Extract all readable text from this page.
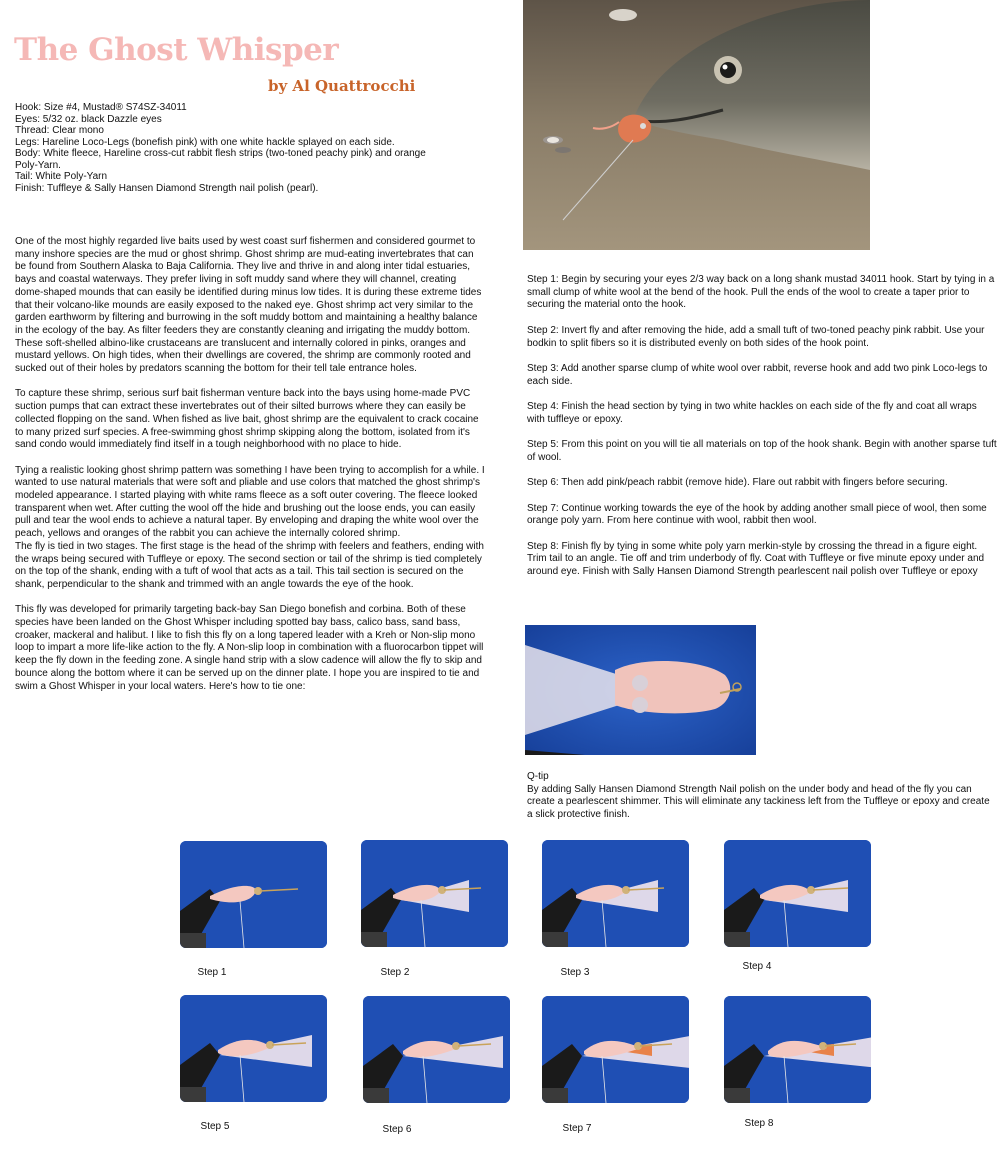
The Ghost Whisper
by Al Quattrocchi
Hook: Size #4, Mustad® S74SZ-34011
Eyes: 5/32 oz. black Dazzle eyes
Thread: Clear mono
Legs: Hareline Loco-Legs (bonefish pink) with one white hackle splayed on each side.
Body: White fleece, Hareline cross-cut rabbit flesh strips (two-toned peachy pink) and orange
Poly-Yarn.
Tail: White Poly-Yarn
Finish: Tuffleye & Sally Hansen Diamond Strength nail polish (pearl).

One of the most highly regarded live baits used by west coast surf fishermen and considered gourmet to many inshore species are the mud or ghost shrimp. Ghost shrimp are mud-eating invertebrates that can be found from Southern Alaska to Baja California. They live and thrive in and along inter tidal estuaries, bays and coastal waterways. They prefer living in soft muddy sand where they will channel, creating dome-shaped mounds that can easily be identified during minus low tides. It is during these extreme tides that their volcano-like mounds are easily exposed to the naked eye. Ghost shrimp act very similar to the garden earthworm by filtering and burrowing in the soft muddy bottom and maintaining a healthy balance in the ecology of the bay. As filter feeders they are constantly cleaning and irrigating the muddy bottom. These soft-shelled albino-like crustaceans are translucent and internally colored in pinks, oranges and mustard yellows. On high tides, when their dwellings are covered, the shrimp are commonly rooted and sucked out of their holes by predators scanning the bottom for their tell tale entrance holes.

To capture these shrimp, serious surf bait fisherman venture back into the bays using home-made PVC suction pumps that can extract these invertebrates out of their silted burrows where they can easily be collected flopping on the sand. When fished as live bait, ghost shrimp are the equivalent to crack cocaine to many prized surf species. A free-swimming ghost shrimp skipping along the bottom, isolated from it's sand condo would immediately find itself in a tough neighborhood with no place to hide.

Tying a realistic looking ghost shrimp pattern was something I have been trying to accomplish for a while. I wanted to use natural materials that were soft and pliable and use colors that matched the ghost shrimp's modeled appearance. I started playing with white rams fleece as a soft outer covering. The fleece looked transparent when wet. After cutting the wool off the hide and brushing out the loose ends, you can easily pull and tear the wool ends to achieve a natural taper. By enveloping and draping the white wool over the peach, yellows and oranges of the rabbit you can achieve the internally colored shrimp.
The fly is tied in two stages. The first stage is the head of the shrimp with feelers and feathers, ending with the wraps being secured with Tuffleye or epoxy. The second section or tail of the shrimp is tied completely on the top of the shank, ending with a tuft of wool that acts as a tail. This tail section is secured on the shank, perpendicular to the shank and trimmed with an angle towards the eye of the hook.

This fly was developed for primarily targeting back-bay San Diego bonefish and corbina. Both of these species have been landed on the Ghost Whisper including spotted bay bass, calico bass, sand bass, croaker, mackeral and halibut. I like to fish this fly on a long tapered leader with a Kreh or Non-slip mono loop to impart a more life-like action to the fly. A Non-slip loop in combination with a fluorocarbon tippet will keep the fly down in the feeding zone. A single hand strip with a slow cadence will allow the fly to skip and bounce along the bottom where it can be served up on the dinner plate. I hope you are inspired to tie and swim a Ghost Whisper in your local waters. Here's how to tie one:

Step 1: Begin by securing your eyes 2/3 way back on a long shank mustad 34011 hook. Start by tying in a small clump of white wool at the bend of the hook. Pull the ends of the wool to create a taper prior to securing the material onto the hook.

Step 2: Invert fly and after removing the hide, add a small tuft of two-toned peachy pink rabbit. Use your bodkin to split fibers so it is distributed evenly on both sides of the hook point.

Step 3: Add another sparse clump of white wool over rabbit, reverse hook and add two pink Loco-legs to each side.

Step 4: Finish the head section by tying in two white hackles on each side of the fly and coat all wraps with tuffleye or epoxy.

Step 5: From this point on you will tie all materials on top of the hook shank. Begin with another sparse tuft of wool.

Step 6: Then add pink/peach rabbit (remove hide). Flare out rabbit with fingers before securing.

Step 7: Continue working towards the eye of the hook by adding another small piece of wool, then some orange poly yarn. From here continue with wool, rabbit then wool.

Step 8: Finish fly by tying in some white poly yarn merkin-style by crossing the thread in a figure eight. Trim tail to an angle. Tie off and trim underbody of fly. Coat with Tuffleye or five minute epoxy under and around eye. Finish with Sally Hansen Diamond Strength pearlescent nail polish over Tuffleye or epoxy

Q-tip
By adding Sally Hansen Diamond Strength Nail polish on the under body and head of the fly you can create a pearlescent shimmer. This will eliminate any tackiness left from the Tuffleye or epoxy and create a slick protective finish.
Step 1	Step 2	Step 3
Step 4
Step 5	Step 6	Step 7	Step 8
